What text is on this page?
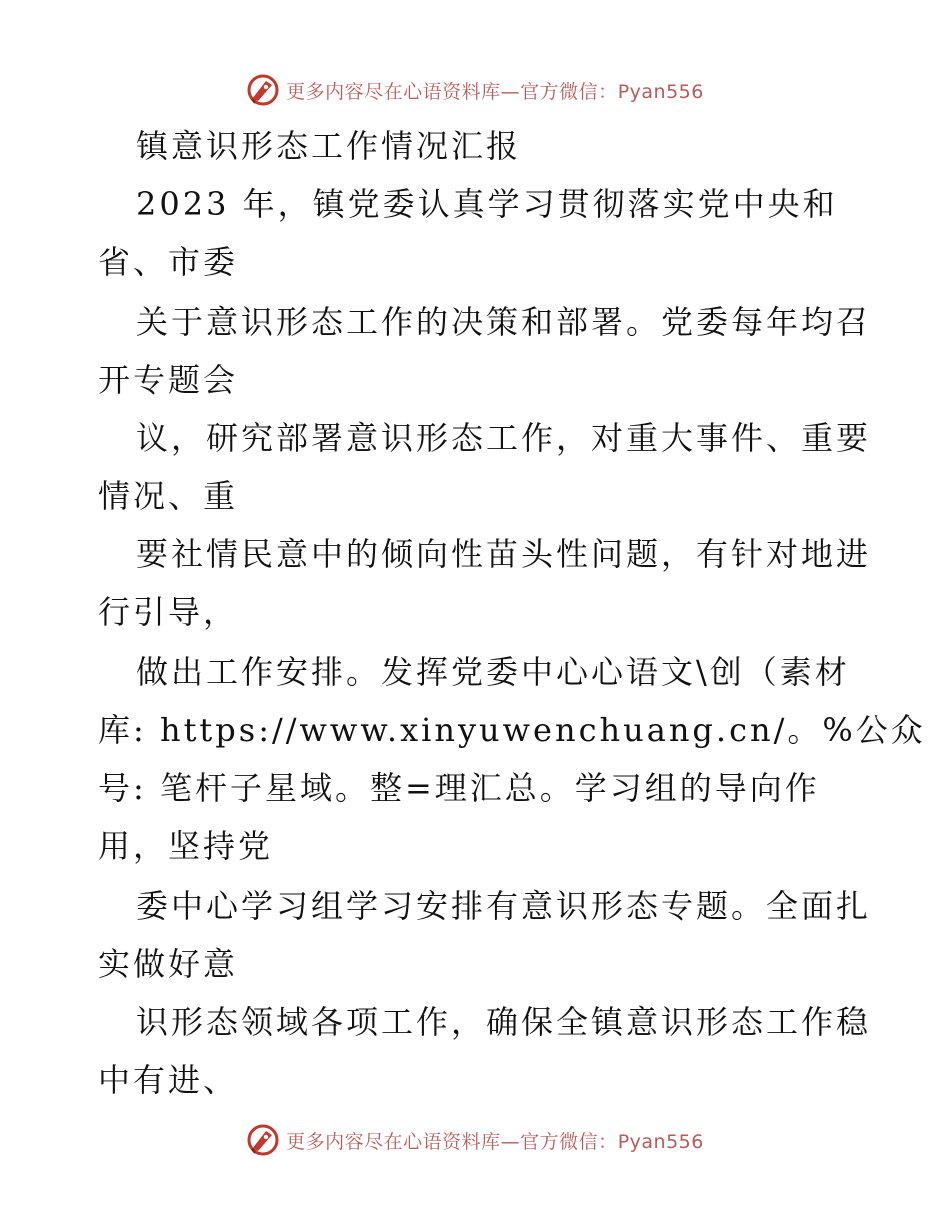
更多内容尽在心语资料库—官方微信：Pyan556
镇意识形态工作情况汇报
2023 年，镇党委认真学习贯彻落实党中央和
省、市委
关于意识形态工作的决策和部署。党委每年均召
开专题会
议，研究部署意识形态工作，对重大事件、重要
情况、重
要社情民意中的倾向性苗头性问题，有针对地进
行引导，
做出工作安排。发挥党委中心心语文\创（素材
库: https://www.xinyuwenchuang.cn/。%公众
号: 笔杆子星域。整=理汇总。学习组的导向作
用，坚持党
委中心学习组学习安排有意识形态专题。全面扎
实做好意
识形态领域各项工作，确保全镇意识形态工作稳
中有进、
更多内容尽在心语资料库—官方微信：Pyan556
